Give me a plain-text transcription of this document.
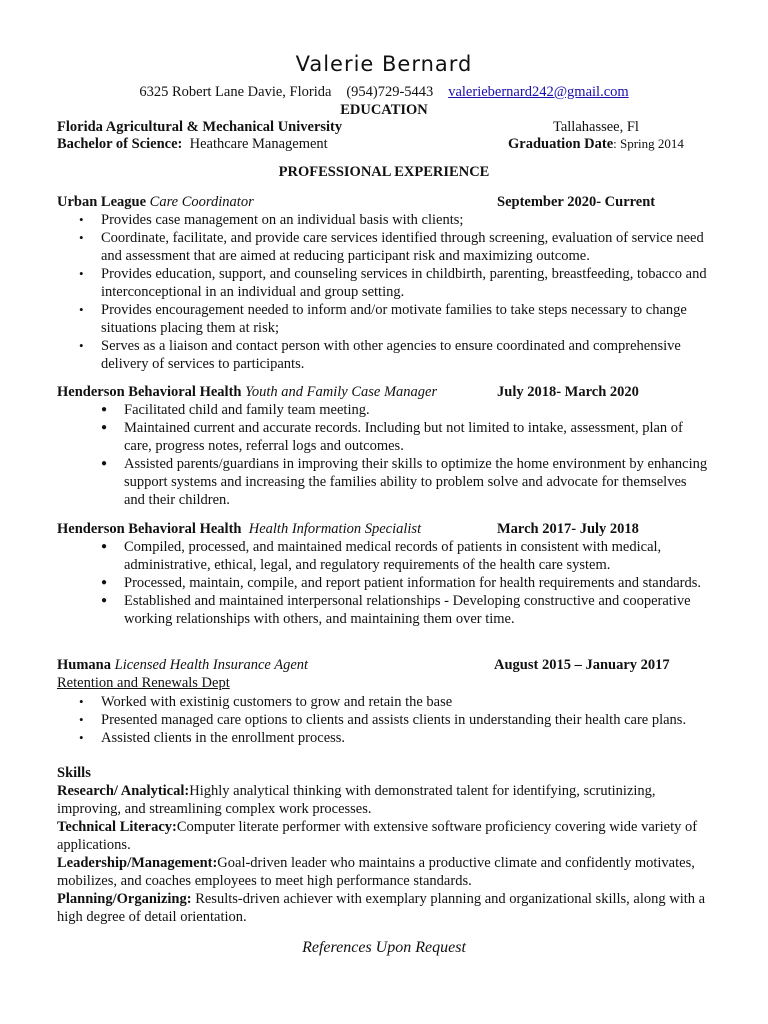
Valerie Bernard
6325 Robert Lane Davie, Florida  (954)729-5443  valeriebernard242@gmail.com
EDUCATION
Florida Agricultural & Mechanical University	Tallahassee, Fl
Bachelor of Science: Heathcare Management	Graduation Date: Spring 2014
PROFESSIONAL EXPERIENCE
Urban League Care Coordinator	September 2020- Current
• Provides case management on an individual basis with clients;
• Coordinate, facilitate, and provide care services identified through screening, evaluation of service need and assessment that are aimed at reducing participant risk and maximizing outcome.
• Provides education, support, and counseling services in childbirth, parenting, breastfeeding, tobacco and interconceptional in an individual and group setting.
• Provides encouragement needed to inform and/or motivate families to take steps necessary to change situations placing them at risk;
• Serves as a liaison and contact person with other agencies to ensure coordinated and comprehensive delivery of services to participants.
Henderson Behavioral Health Youth and Family Case Manager	July 2018- March 2020
● Facilitated child and family team meeting.
● Maintained current and accurate records. Including but not limited to intake, assessment, plan of care, progress notes, referral logs and outcomes.
● Assisted parents/guardians in improving their skills to optimize the home environment by enhancing support systems and increasing the families ability to problem solve and advocate for themselves and their children.
Henderson Behavioral Health Health Information Specialist	March 2017- July 2018
● Compiled, processed, and maintained medical records of patients in consistent with medical, administrative, ethical, legal, and regulatory requirements of the health care system.
● Processed, maintain, compile, and report patient information for health requirements and standards.
● Established and maintained interpersonal relationships - Developing constructive and cooperative working relationships with others, and maintaining them over time.
Humana Licensed Health Insurance Agent	August 2015 – January 2017
Retention and Renewals Dept
• Worked with existinig customers to grow and retain the base
• Presented managed care options to clients and assists clients in understanding their health care plans.
• Assisted clients in the enrollment process.

Skills

Research/ Analytical:Highly analytical thinking with demonstrated talent for identifying, scrutinizing, improving, and streamlining complex work processes.

Technical Literacy:Computer literate performer with extensive software proficiency covering wide variety of applications.

Leadership/Management:Goal-driven leader who maintains a productive climate and confidently motivates, mobilizes, and coaches employees to meet high performance standards.

Planning/Organizing: Results-driven achiever with exemplary planning and organizational skills, along with a high degree of detail orientation.

References Upon Request
